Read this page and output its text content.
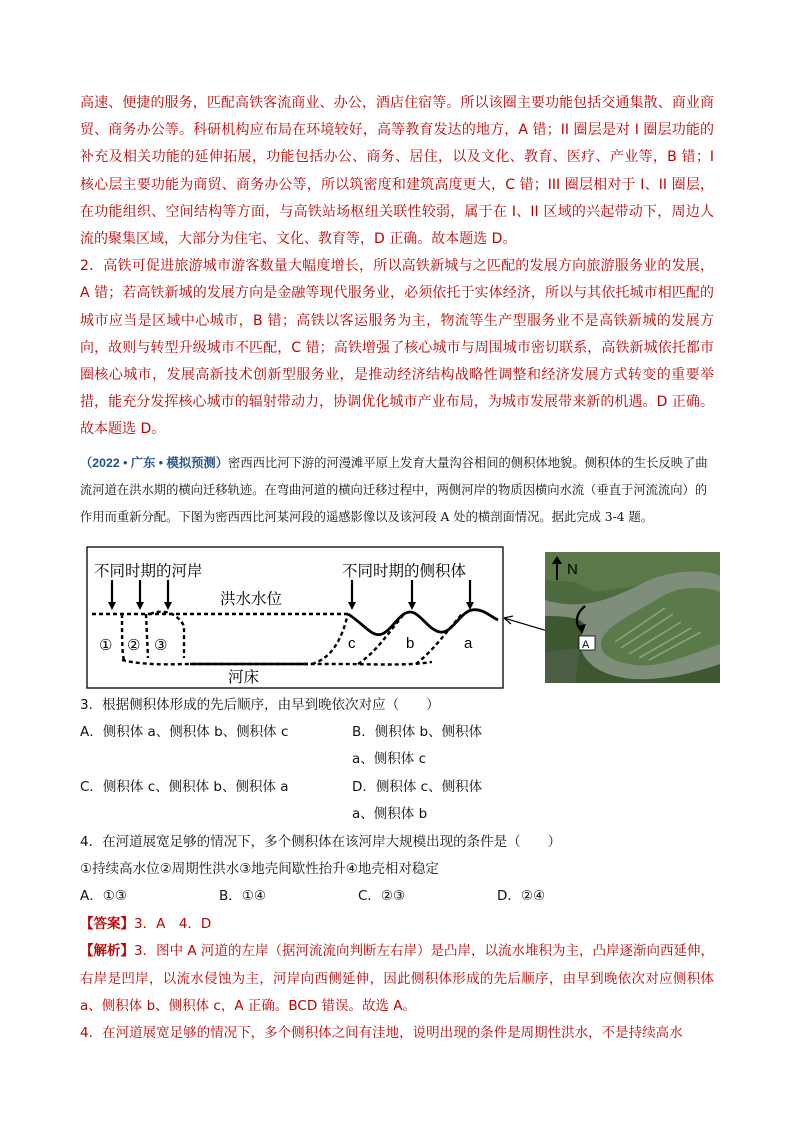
高速、便捷的服务，匹配高铁客流商业、办公，酒店住宿等。所以该圈主要功能包括交通集散、商业商贸、商务办公等。科研机构应布局在环境较好，高等教育发达的地方，A 错；II 圈层是对 I 圈层功能的补充及相关功能的延伸拓展，功能包括办公、商务、居住，以及文化、教育、医疗、产业等，B 错；I 核心层主要功能为商贸、商务办公等，所以筑密度和建筑高度更大，C 错；III 圈层相对于 I、II 圈层，在功能组织、空间结构等方面，与高铁站场枢纽关联性较弱，属于在 I、II 区域的兴起带动下，周边人流的聚集区域，大部分为住宅、文化、教育等，D 正确。故本题选 D。

2．高铁可促进旅游城市游客数量大幅度增长，所以高铁新城与之匹配的发展方向旅游服务业的发展，A 错；若高铁新城的发展方向是金融等现代服务业，必须依托于实体经济，所以与其依托城市相匹配的城市应当是区域中心城市，B 错；高铁以客运服务为主，物流等生产型服务业不是高铁新城的发展方向，故则与转型升级城市不匹配，C 错；高铁增强了核心城市与周围城市密切联系，高铁新城依托都市圈核心城市，发展高新技术创新型服务业，是推动经济结构战略性调整和经济发展方式转变的重要举措，能充分发挥核心城市的辐射带动力，协调优化城市产业布局，为城市发展带来新的机遇。D 正确。故本题选 D。

（2022 • 广东 • 模拟预测）密西西比河下游的河漫滩平原上发育大量沟谷相间的侧积体地貌。侧积体的生长反映了曲流河道在洪水期的横向迁移轨迹。在弯曲河道的横向迁移过程中，两侧河岸的物质因横向水流（垂直于河流流向）的作用而重新分配。下图为密西西比河某河段的遥感影像以及该河段 A 处的横剖面情况。据此完成 3-4 题。

不同时期的河岸	不同时期的侧积体
洪水水位
河床
① ② ③	c	b	a
N
A

3．根据侧积体形成的先后顺序，由早到晚依次对应（　　）

A．侧积体 a、侧积体 b、侧积体 c	B．侧积体 b、侧积体 a、侧积体 c
C．侧积体 c、侧积体 b、侧积体 a	D．侧积体 c、侧积体 a、侧积体 b

4．在河道展宽足够的情况下，多个侧积体在该河岸大规模出现的条件是（　　）

①持续高水位②周期性洪水③地壳间歇性抬升④地壳相对稳定

A．①③	B．①④	C．②③	D．②④

【答案】3．A　4．D

【解析】3．图中 A 河道的左岸（据河流流向判断左右岸）是凸岸，以流水堆积为主，凸岸逐渐向西延伸，右岸是凹岸，以流水侵蚀为主，河岸向西侧延伸，因此侧积体形成的先后顺序，由早到晚依次对应侧积体 a、侧积体 b、侧积体 c，A 正确。BCD 错误。故选 A。

4．在河道展宽足够的情况下，多个侧积体之间有洼地，说明出现的条件是周期性洪水，不是持续高水
